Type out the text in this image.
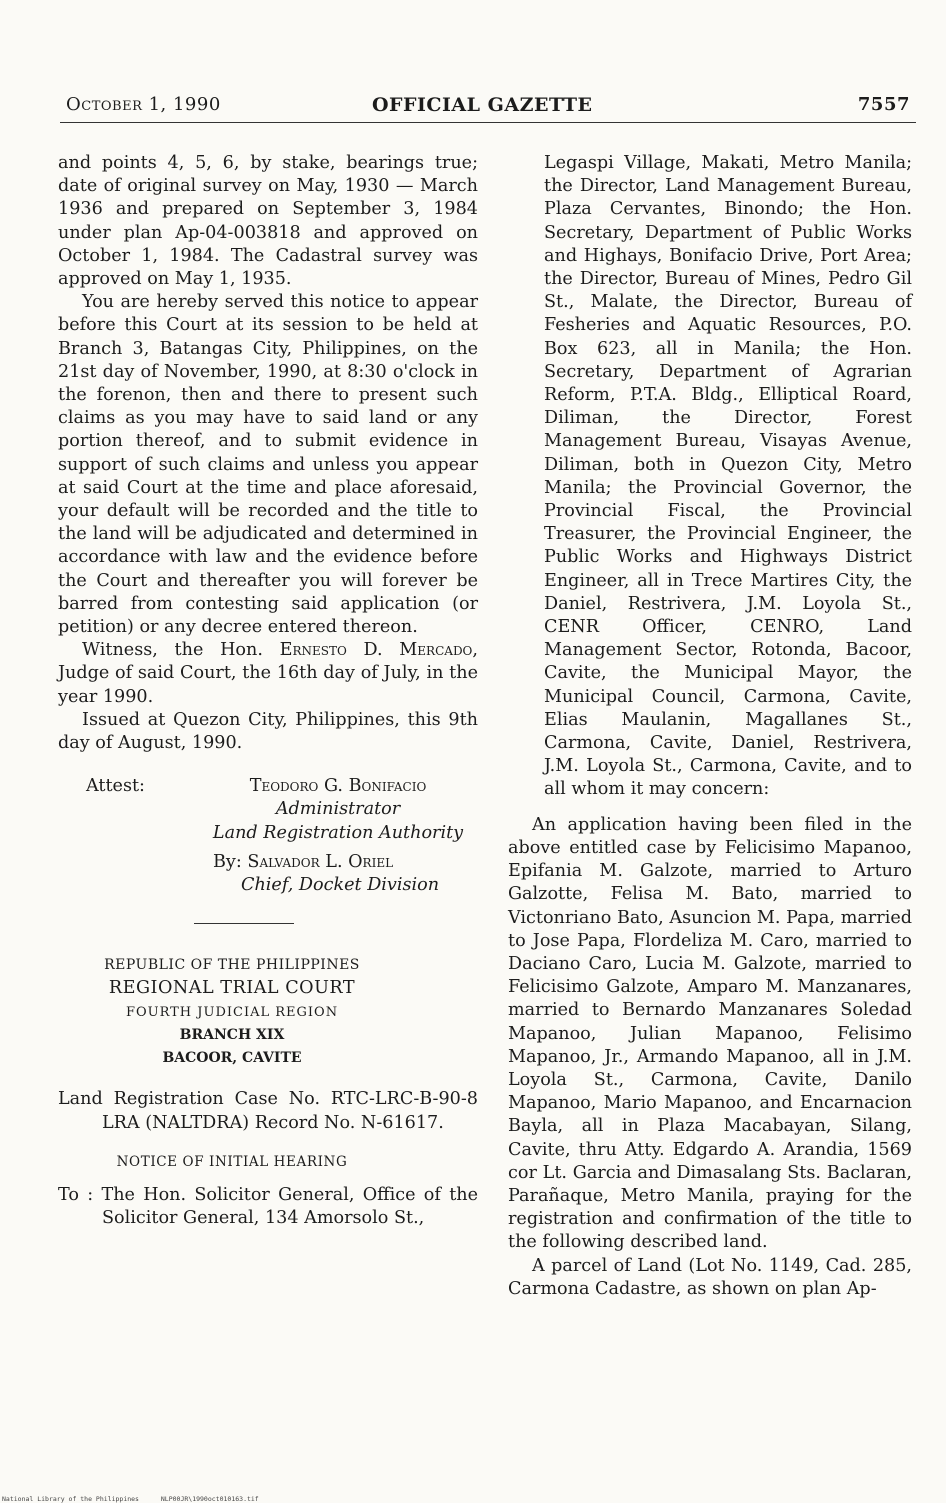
October 1, 1990	OFFICIAL GAZETTE	7557

and points 4, 5, 6, by stake, bearings true; date of original survey on May, 1930 — March 1936 and prepared on September 3, 1984 under plan Ap-04-003818 and approved on October 1, 1984. The Cadastral survey was approved on May 1, 1935.

You are hereby served this notice to appear before this Court at its session to be held at Branch 3, Batangas City, Philippines, on the 21st day of November, 1990, at 8:30 o'clock in the forenon, then and there to present such claims as you may have to said land or any portion thereof, and to submit evidence in support of such claims and unless you appear at said Court at the time and place aforesaid, your default will be recorded and the title to the land will be adjudicated and determined in accordance with law and the evidence before the Court and thereafter you will forever be barred from contesting said application (or petition) or any decree entered thereon.

Witness, the Hon. Ernesto D. Mercado, Judge of said Court, the 16th day of July, in the year 1990.

Issued at Quezon City, Philippines, this 9th day of August, 1990.

Attest:	Teodoro G. Bonifacio
Administrator
Land Registration Authority
By: Salvador L. Oriel
Chief, Docket Division
REPUBLIC OF THE PHILIPPINES
REGIONAL TRIAL COURT
FOURTH JUDICIAL REGION
BRANCH XIX
BACOOR, CAVITE

Land Registration Case No. RTC-LRC-B-90-8 LRA (NALTDRA) Record No. N-61617.

NOTICE OF INITIAL HEARING

To : The Hon. Solicitor General, Office of the Solicitor General, 134 Amorsolo St.,

Legaspi Village, Makati, Metro Manila; the Director, Land Management Bureau, Plaza Cervantes, Binondo; the Hon. Secretary, Department of Public Works and Highays, Bonifacio Drive, Port Area; the Director, Bureau of Mines, Pedro Gil St., Malate, the Director, Bureau of Fesheries and Aquatic Resources, P.O. Box 623, all in Manila; the Hon. Secretary, Department of Agrarian Reform, P.T.A. Bldg., Elliptical Roard, Diliman, the Director, Forest Management Bureau, Visayas Avenue, Diliman, both in Quezon City, Metro Manila; the Provincial Governor, the Provincial Fiscal, the Provincial Treasurer, the Provincial Engineer, the Public Works and Highways District Engineer, all in Trece Martires City, the Daniel, Restrivera, J.M. Loyola St., CENR Officer, CENRO, Land Management Sector, Rotonda, Bacoor, Cavite, the Municipal Mayor, the Municipal Council, Carmona, Cavite, Elias Maulanin, Magallanes St., Carmona, Cavite, Daniel, Restrivera, J.M. Loyola St., Carmona, Cavite, and to all whom it may concern:

An application having been filed in the above entitled case by Felicisimo Mapanoo, Epifania M. Galzote, married to Arturo Galzotte, Felisa M. Bato, married to Victonriano Bato, Asuncion M. Papa, married to Jose Papa, Flordeliza M. Caro, married to Daciano Caro, Lucia M. Galzote, married to Felicisimo Galzote, Amparo M. Manzanares, married to Bernardo Manzanares Soledad Mapanoo, Julian Mapanoo, Felisimo Mapanoo, Jr., Armando Mapanoo, all in J.M. Loyola St., Carmona, Cavite, Danilo Mapanoo, Mario Mapanoo, and Encarnacion Bayla, all in Plaza Macabayan, Silang, Cavite, thru Atty. Edgardo A. Arandia, 1569 cor Lt. Garcia and Dimasalang Sts. Baclaran, Parañaque, Metro Manila, praying for the registration and confirmation of the title to the following described land.

A parcel of Land (Lot No. 1149, Cad. 285, Carmona Cadastre, as shown on plan Ap-

National Library of the Philippines	NLP00JR\1990oct010163.tif
